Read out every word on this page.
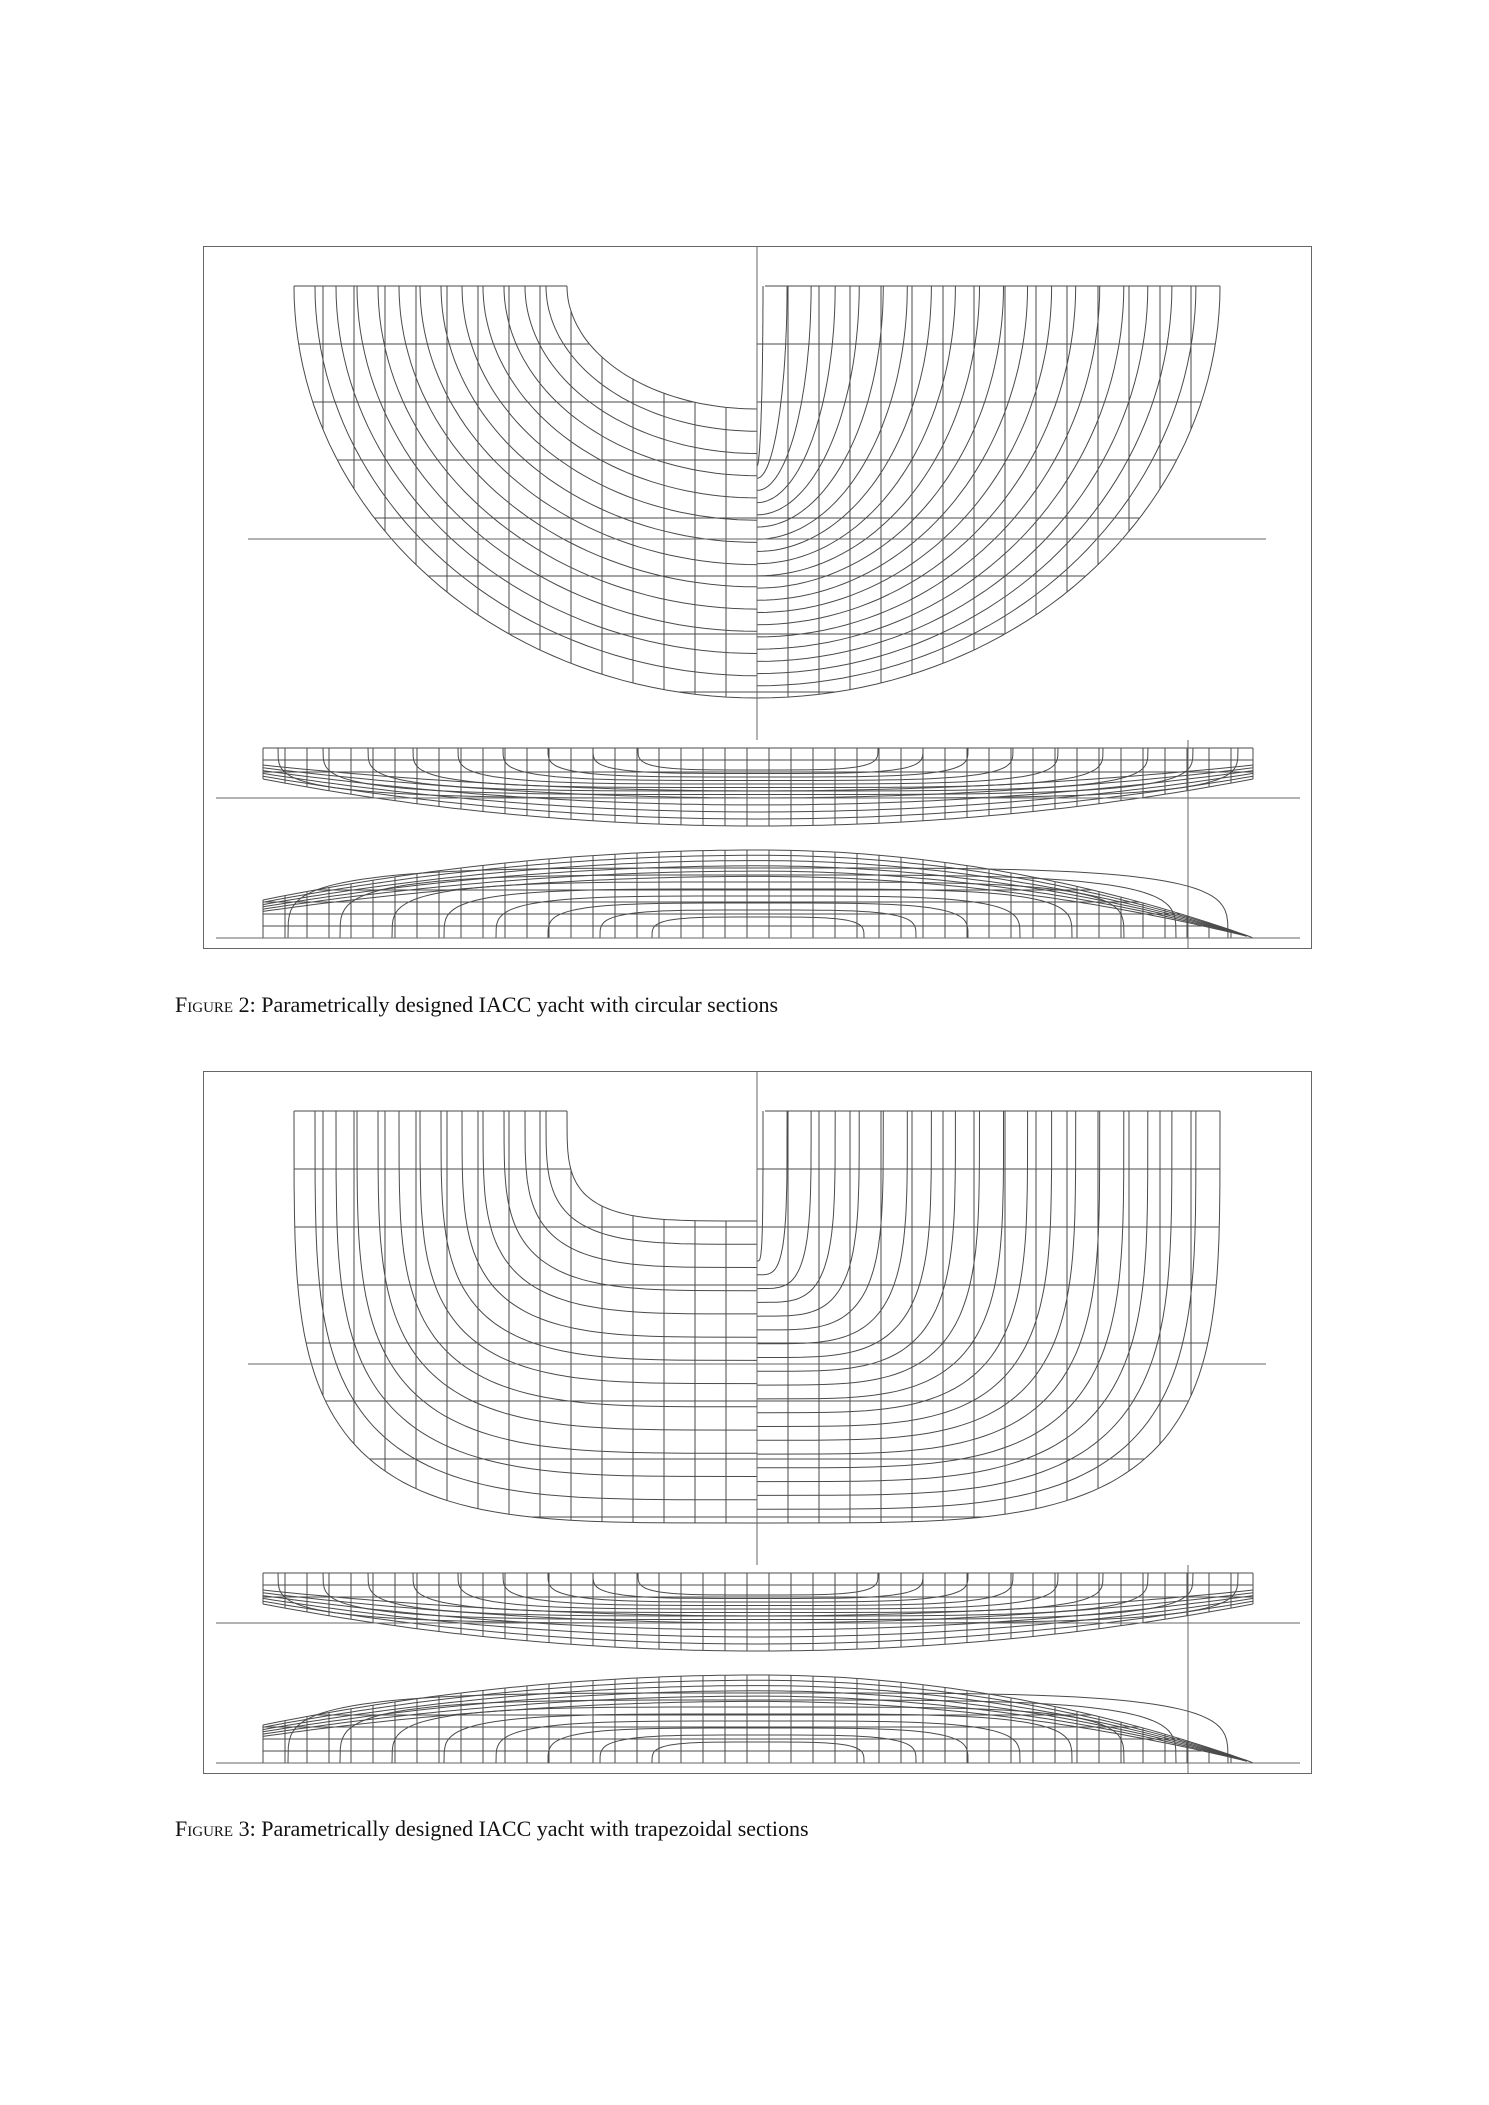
Figure 2: Parametrically designed IACC yacht with circular sections
Figure 3: Parametrically designed IACC yacht with trapezoidal sections
